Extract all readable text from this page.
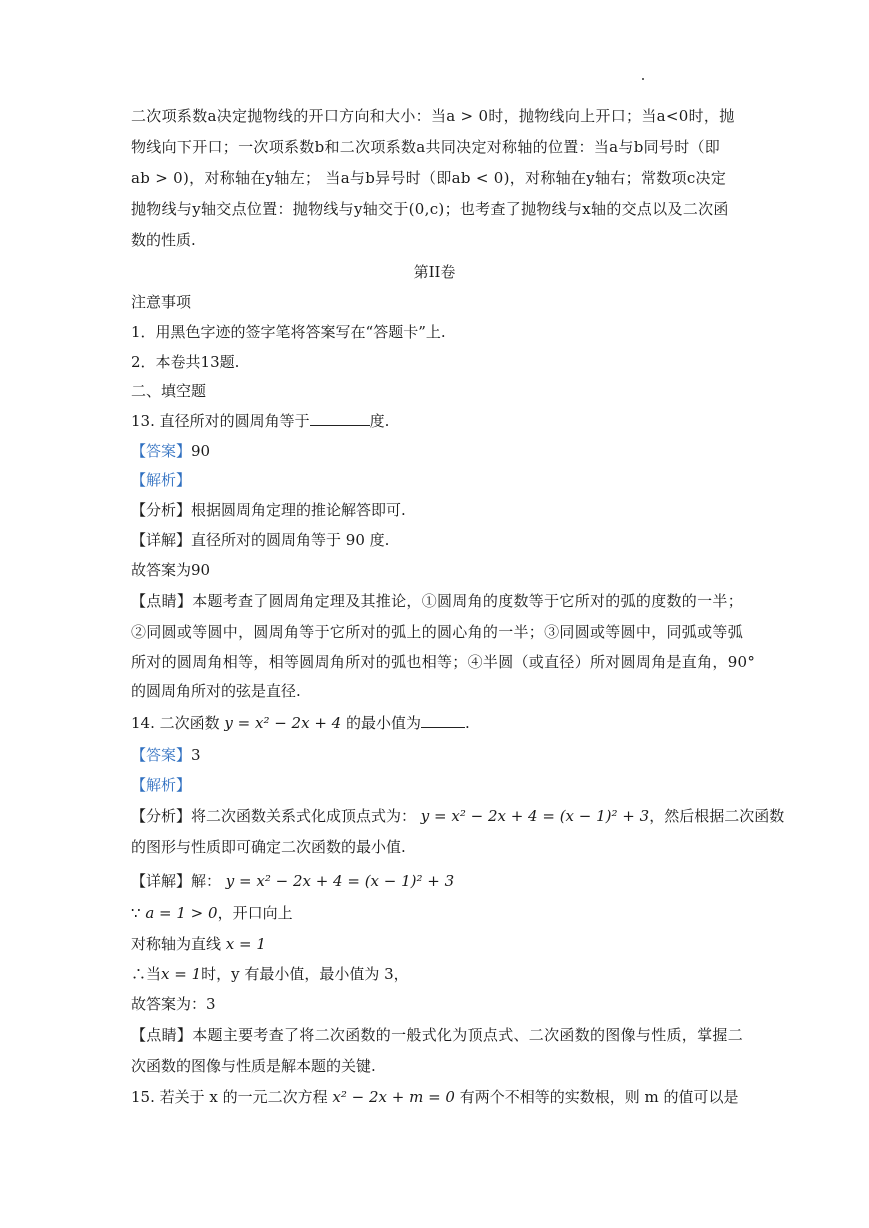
二次项系数a决定抛物线的开口方向和大小：当a > 0时，抛物线向上开口；当a<0时，抛
物线向下开口；一次项系数b和二次项系数a共同决定对称轴的位置：当a与b同号时（即
ab > 0)，对称轴在y轴左； 当a与b异号时（即ab < 0)，对称轴在y轴右；常数项c决定
抛物线与y轴交点位置：抛物线与y轴交于(0,c)；也考查了抛物线与x轴的交点以及二次函
数的性质.
第II卷
注意事项
1．用黑色字迹的签字笔将答案写在“答题卡”上.
2．本卷共13题.
二、填空题
13. 直径所对的圆周角等于	度.
【答案】90
【解析】
【分析】根据圆周角定理的推论解答即可.
【详解】直径所对的圆周角等于 90 度.
故答案为90
【点睛】本题考查了圆周角定理及其推论，①圆周角的度数等于它所对的弧的度数的一半；
②同圆或等圆中，圆周角等于它所对的弧上的圆心角的一半；③同圆或等圆中，同弧或等弧
所对的圆周角相等，相等圆周角所对的弧也相等；④半圆（或直径）所对圆周角是直角，90°
的圆周角所对的弦是直径.
14. 二次函数 y = x² − 2x + 4 的最小值为	.
【答案】3
【解析】
【分析】将二次函数关系式化成顶点式为： y = x² − 2x + 4 = (x − 1)² + 3，然后根据二次函数
的图形与性质即可确定二次函数的最小值.
【详解】解： y = x² − 2x + 4 = (x − 1)² + 3
∵ a = 1 > 0，开口向上
对称轴为直线 x = 1
∴当x = 1时，y 有最小值，最小值为 3，
故答案为：3
【点睛】本题主要考查了将二次函数的一般式化为顶点式、二次函数的图像与性质，掌握二
次函数的图像与性质是解本题的关键.
15. 若关于 x 的一元二次方程 x² − 2x + m = 0 有两个不相等的实数根，则 m 的值可以是
